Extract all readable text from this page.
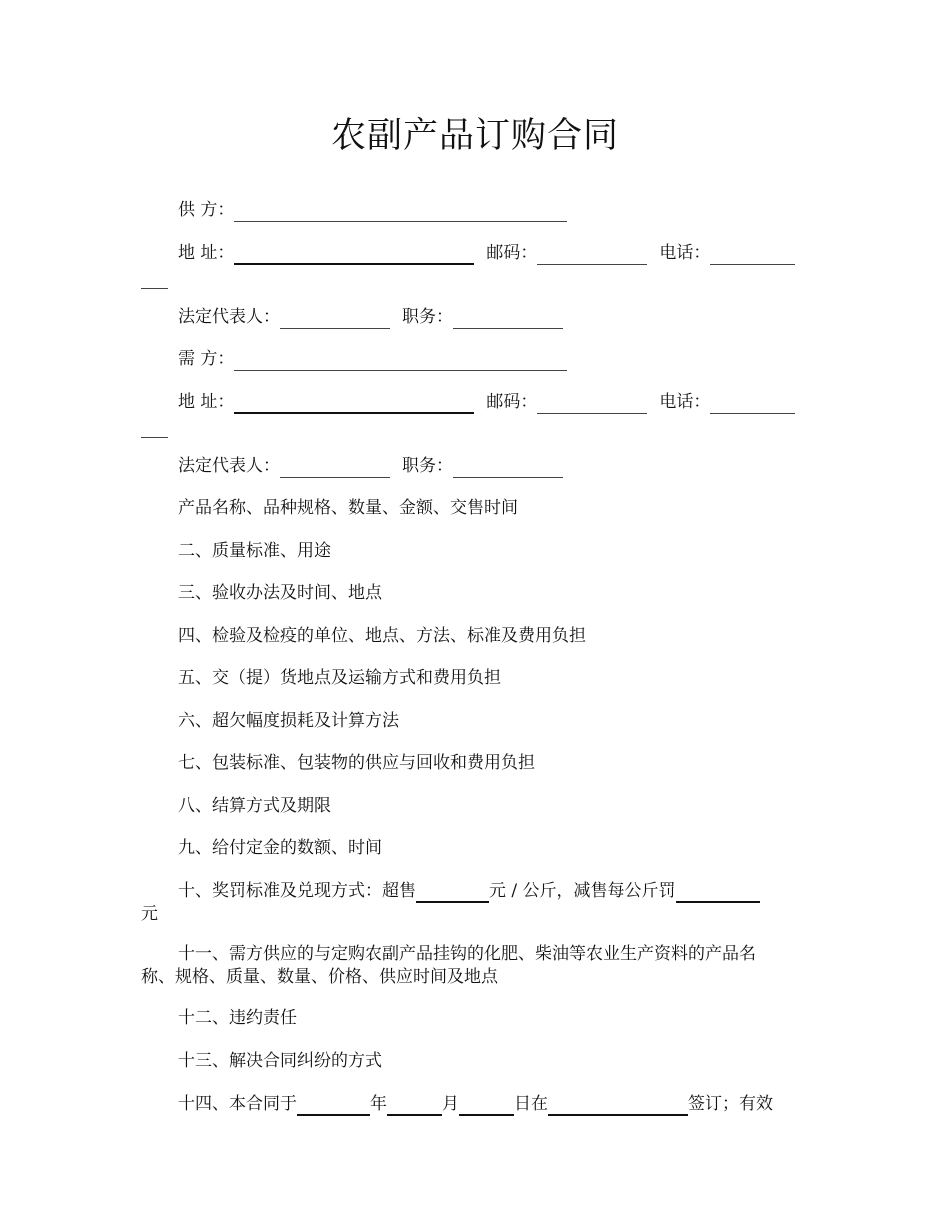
农副产品订购合同
供 方：
地 址：	邮码：	电话：
法定代表人：	职务：
需 方：
地 址：	邮码：	电话：
法定代表人：	职务：
产品名称、品种规格、数量、金额、交售时间
二、质量标准、用途
三、验收办法及时间、地点
四、检验及检疫的单位、地点、方法、标准及费用负担
五、交（提）货地点及运输方式和费用负担
六、超欠幅度损耗及计算方法
七、包装标准、包装物的供应与回收和费用负担
八、结算方式及期限
九、给付定金的数额、时间
十、奖罚标准及兑现方式：超售	元 / 公斤，减售每公斤罚
元
十一、需方供应的与定购农副产品挂钩的化肥、柴油等农业生产资料的产品名
称、规格、质量、数量、价格、供应时间及地点
十二、违约责任
十三、解决合同纠纷的方式
十四、本合同于	年	月	日在	签订；有效
